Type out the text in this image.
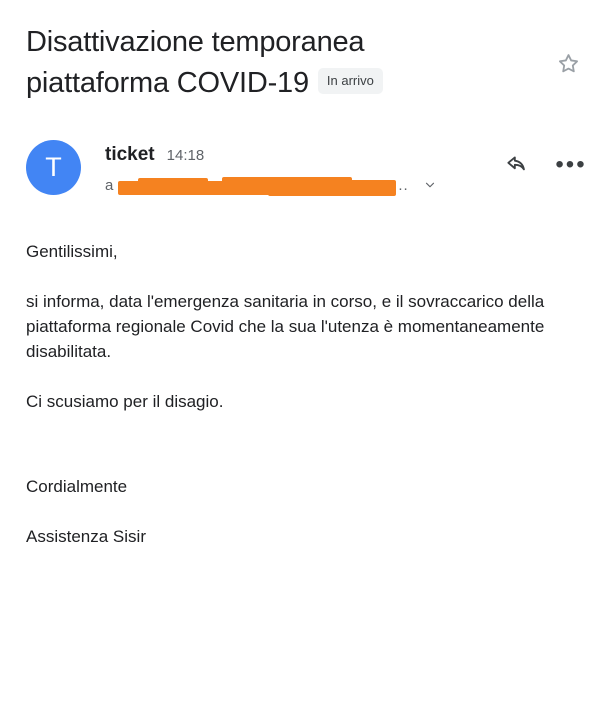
Disattivazione temporanea piattaforma COVID-19 In arrivo
T	ticket 14:18
a	..
•••

Gentilissimi,

si informa, data l'emergenza sanitaria in corso, e il sovraccarico della piattaforma regionale Covid che la sua l'utenza è momentaneamente disabilitata.

Ci scusiamo per il disagio.

Cordialmente

Assistenza Sisir
